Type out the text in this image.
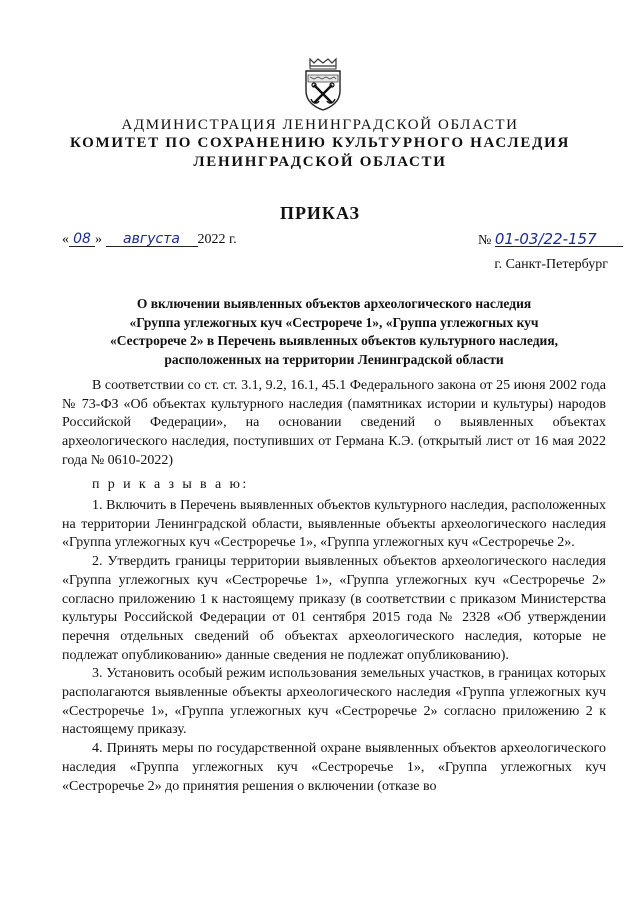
АДМИНИСТРАЦИЯ ЛЕНИНГРАДСКОЙ ОБЛАСТИ
КОМИТЕТ ПО СОХРАНЕНИЮ КУЛЬТУРНОГО НАСЛЕДИЯ
ЛЕНИНГРАДСКОЙ ОБЛАСТИ
ПРИКАЗ
« 08 » августа 2022 г.	№ 01-03/22-157
г. Санкт-Петербург
О включении выявленных объектов археологического наследия
«Группа углежогных куч «Сестрорече 1», «Группа углежогных куч
«Сестрорече 2» в Перечень выявленных объектов культурного наследия,
расположенных на территории Ленинградской области

В соответствии со ст. ст. 3.1, 9.2, 16.1, 45.1 Федерального закона от 25 июня 2002 года № 73-ФЗ «Об объектах культурного наследия (памятниках истории и культуры) народов Российской Федерации», на основании сведений о выявленных объектах археологического наследия, поступивших от Германа К.Э. (открытый лист от 16 мая 2022 года № 0610-2022)

п р и к а з ы в а ю:

1. Включить в Перечень выявленных объектов культурного наследия, расположенных на территории Ленинградской области, выявленные объекты археологического наследия «Группа углежогных куч «Сестроречье 1», «Группа углежогных куч «Сестроречье 2».

2. Утвердить границы территории выявленных объектов археологического наследия «Группа углежогных куч «Сестроречье 1», «Группа углежогных куч «Сестроречье 2» согласно приложению 1 к настоящему приказу (в соответствии с приказом Министерства культуры Российской Федерации от 01 сентября 2015 года № 2328 «Об утверждении перечня отдельных сведений об объектах археологического наследия, которые не подлежат опубликованию» данные сведения не подлежат опубликованию).

3. Установить особый режим использования земельных участков, в границах которых располагаются выявленные объекты археологического наследия «Группа углежогных куч «Сестроречье 1», «Группа углежогных куч «Сестроречье 2» согласно приложению 2 к настоящему приказу.

4. Принять меры по государственной охране выявленных объектов археологического наследия «Группа углежогных куч «Сестроречье 1», «Группа углежогных куч «Сестроречье 2» до принятия решения о включении (отказе во
